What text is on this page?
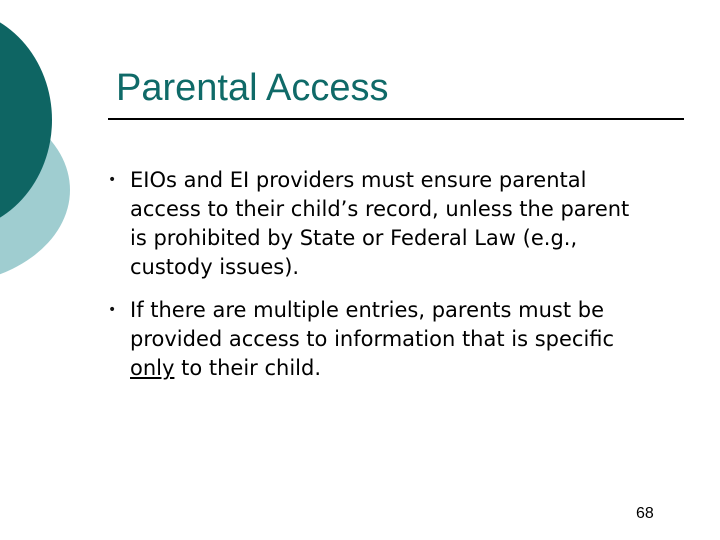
Parental Access
• EIOs and EI providers must ensure parental access to their child’s record, unless the parent is prohibited by State or Federal Law (e.g., custody issues).
• If there are multiple entries, parents must be provided access to information that is specific only to their child.
68
